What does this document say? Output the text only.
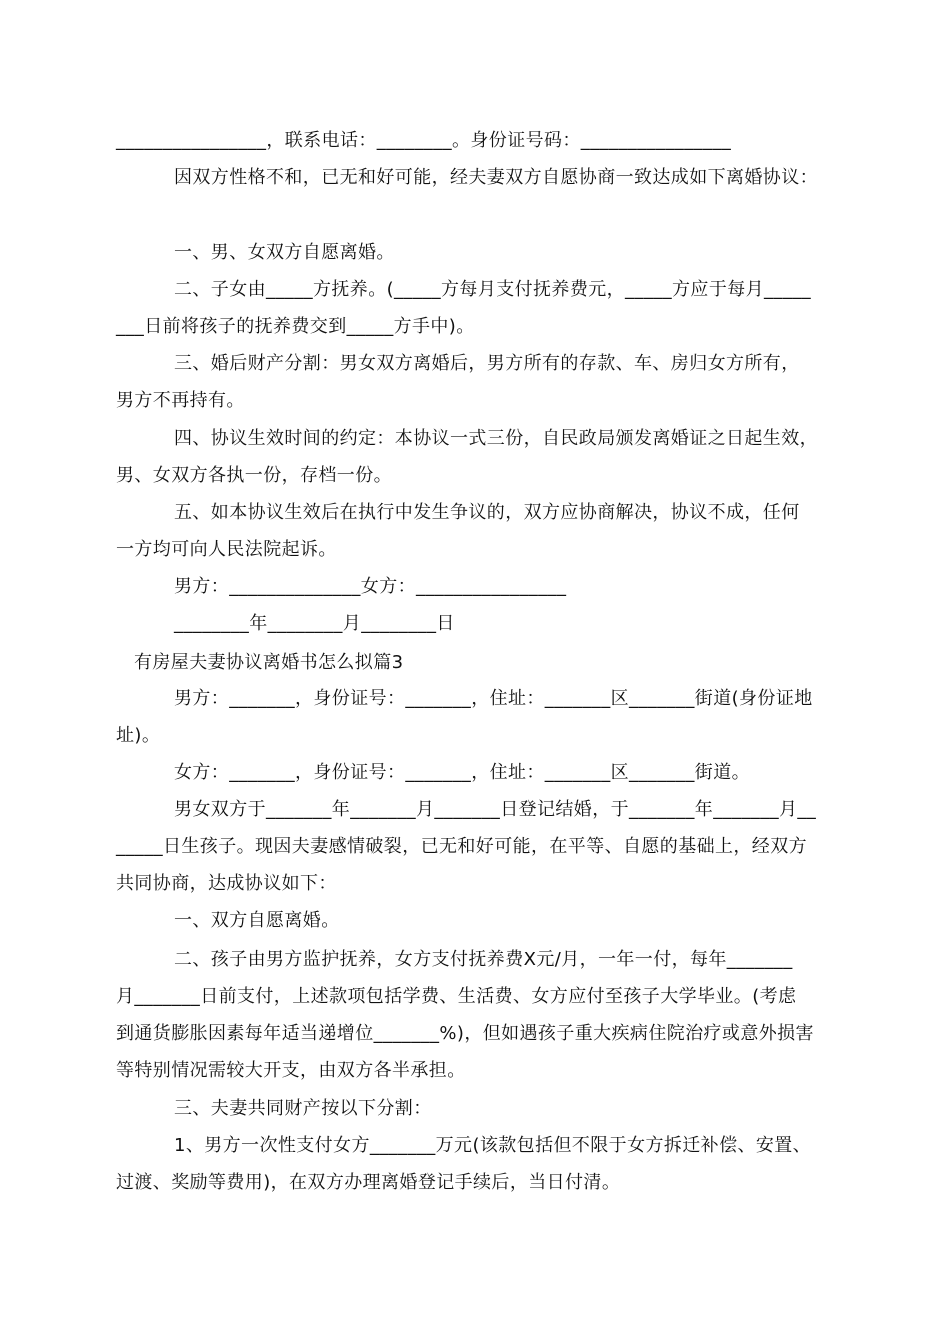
________________，联系电话：________。身份证号码：________________
因双方性格不和，已无和好可能，经夫妻双方自愿协商一致达成如下离婚协议：
一、男、女双方自愿离婚。
二、子女由_____方抚养。(_____方每月支付抚养费元，_____方应于每月_____
___日前将孩子的抚养费交到_____方手中)。
三、婚后财产分割：男女双方离婚后，男方所有的存款、车、房归女方所有，
男方不再持有。
四、协议生效时间的约定：本协议一式三份，自民政局颁发离婚证之日起生效，
男、女双方各执一份，存档一份。
五、如本协议生效后在执行中发生争议的，双方应协商解决，协议不成，任何
一方均可向人民法院起诉。
男方：______________女方：________________
________年________月________日
有房屋夫妻协议离婚书怎么拟篇3
男方：_______，身份证号：_______，住址：_______区_______街道(身份证地
址)。
女方：_______，身份证号：_______，住址：_______区_______街道。
男女双方于_______年_______月_______日登记结婚，于_______年_______月__
_____日生孩子。现因夫妻感情破裂，已无和好可能，在平等、自愿的基础上，经双方
共同协商，达成协议如下：
一、双方自愿离婚。
二、孩子由男方监护抚养，女方支付抚养费X元/月，一年一付，每年_______
月_______日前支付，上述款项包括学费、生活费、女方应付至孩子大学毕业。(考虑
到通货膨胀因素每年适当递增位_______%)，但如遇孩子重大疾病住院治疗或意外损害
等特别情况需较大开支，由双方各半承担。
三、夫妻共同财产按以下分割：
1、男方一次性支付女方_______万元(该款包括但不限于女方拆迁补偿、安置、
过渡、奖励等费用)，在双方办理离婚登记手续后，当日付清。
